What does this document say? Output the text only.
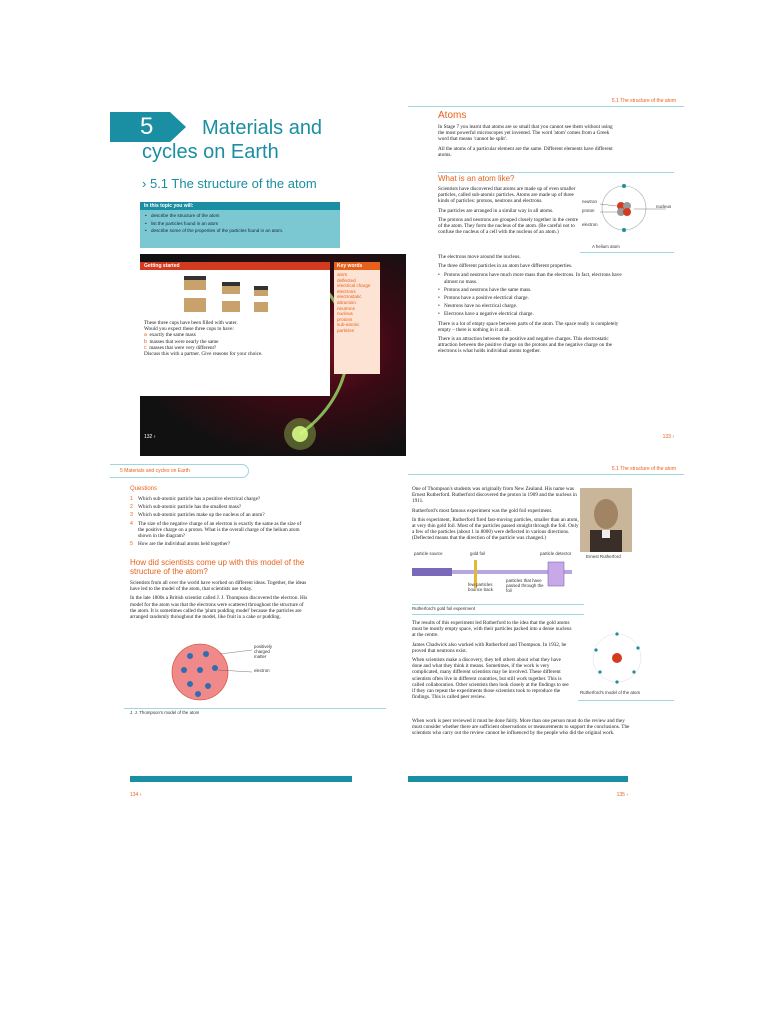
5 Materials and
cycles on Earth
› 5.1 The structure of the atom
In this topic you will:
• describe the structure of the atom
• list the particles found in an atom
• describe some of the properties of the particles found in an atom.
Getting started

These three cups have been filled with water.

Would you expect these three cups to have:

a exactly the same mass
b masses that were nearly the same
c masses that were very different?

Discuss this with a partner. Give reasons for your choice.

Key words
atom
deflected
electrical charge
electrons
electrostatic attraction
neutrons
nucleus
protons
sub-atomic particles
132 ›
5.1 The structure of the atom
Atoms

In Stage 7 you learnt that atoms are so small that you cannot see them without using the most powerful microscopes yet invented. The word 'atom' comes from a Greek word that means 'cannot be split'.

All the atoms of a particular element are the same. Different elements have different atoms.

What is an atom like?

Scientists have discovered that atoms are made up of even smaller particles, called sub-atomic particles. Atoms are made up of three kinds of particles: protons, neutrons and electrons.

The particles are arranged in a similar way in all atoms.

The protons and neutrons are grouped closely together in the centre of the atom. They form the nucleus of the atom. (Be careful not to confuse the nucleus of a cell with the nucleus of an atom.)

neutron
proton
electron
nucleus
A helium atom

The electrons move around the nucleus.

The three different particles in an atom have different properties.

• Protons and neutrons have much more mass than the electrons. In fact, electrons have almost no mass.
• Protons and neutrons have the same mass.
• Protons have a positive electrical charge.
• Neutrons have no electrical charge.
• Electrons have a negative electrical charge.

There is a lot of empty space between parts of the atom. The space really is completely empty – there is nothing in it at all.

There is an attraction between the positive and negative charges. This electrostatic attraction between the positive charge on the protons and the negative charge on the electrons is what holds individual atoms together.

133 ›
5 Materials and cycles on Earth
Questions
1 Which sub-atomic particle has a positive electrical charge?
2 Which sub-atomic particle has the smallest mass?
3 Which sub-atomic particles make up the nucleus of an atom?
4 The size of the negative charge of an electron is exactly the same as the size of the positive charge on a proton. What is the overall charge of the helium atom shown in the diagram?
5 How are the individual atoms held together?
How did scientists come up with this model of the structure of the atom?

Scientists from all over the world have worked on different ideas. Together, the ideas have led to the model of the atom, that scientists use today.

In the late 1800s a British scientist called J. J. Thompson discovered the electron. His model for the atom was that the electrons were scattered throughout the structure of the atom. It is sometimes called the 'plum pudding model' because the particles are arranged randomly throughout the model, like fruit in a cake or pudding.

positively charged matter
electron
J. J. Thompson's model of the atom
134 ›
5.1 The structure of the atom

One of Thompson's students was originally from New Zealand. His name was Ernest Rutherford. Rutherford discovered the proton in 1909 and the nucleus in 1911.

Rutherford's most famous experiment was the gold foil experiment.

In this experiment, Rutherford fired fast-moving particles, smaller than an atom, at very thin gold foil. Most of the particles passed straight through the foil. Only a few of the particles (about 1 in 8000) were deflected in various directions. (Deflected means that the direction of the particle was changed.)

Ernest Rutherford
particle source	gold foil	particle detector
few particles bounce back
particles that have passed through the foil
Rutherford's gold foil experiment

The results of this experiment led Rutherford to the idea that the gold atoms must be mostly empty space, with their particles packed into a dense nucleus at the centre.

James Chadwick also worked with Rutherford and Thompson. In 1932, he proved that neutrons exist.

When scientists make a discovery, they tell others about what they have done and what they think it means. Sometimes, if the work is very complicated, many different scientists may be involved. These different scientists often live in different countries, but still work together. This is called collaboration. Other scientists then look closely at the findings to see if they can repeat the experiments those scientists took to reproduce the findings. This is called peer review.

When work is peer reviewed it must be done fairly. More than one person must do the review and they must consider whether there are sufficient observations or measurements to support the conclusions. The scientists who carry out the review cannot be influenced by the people who did the original work.

Rutherford's model of the atom
135 ›
